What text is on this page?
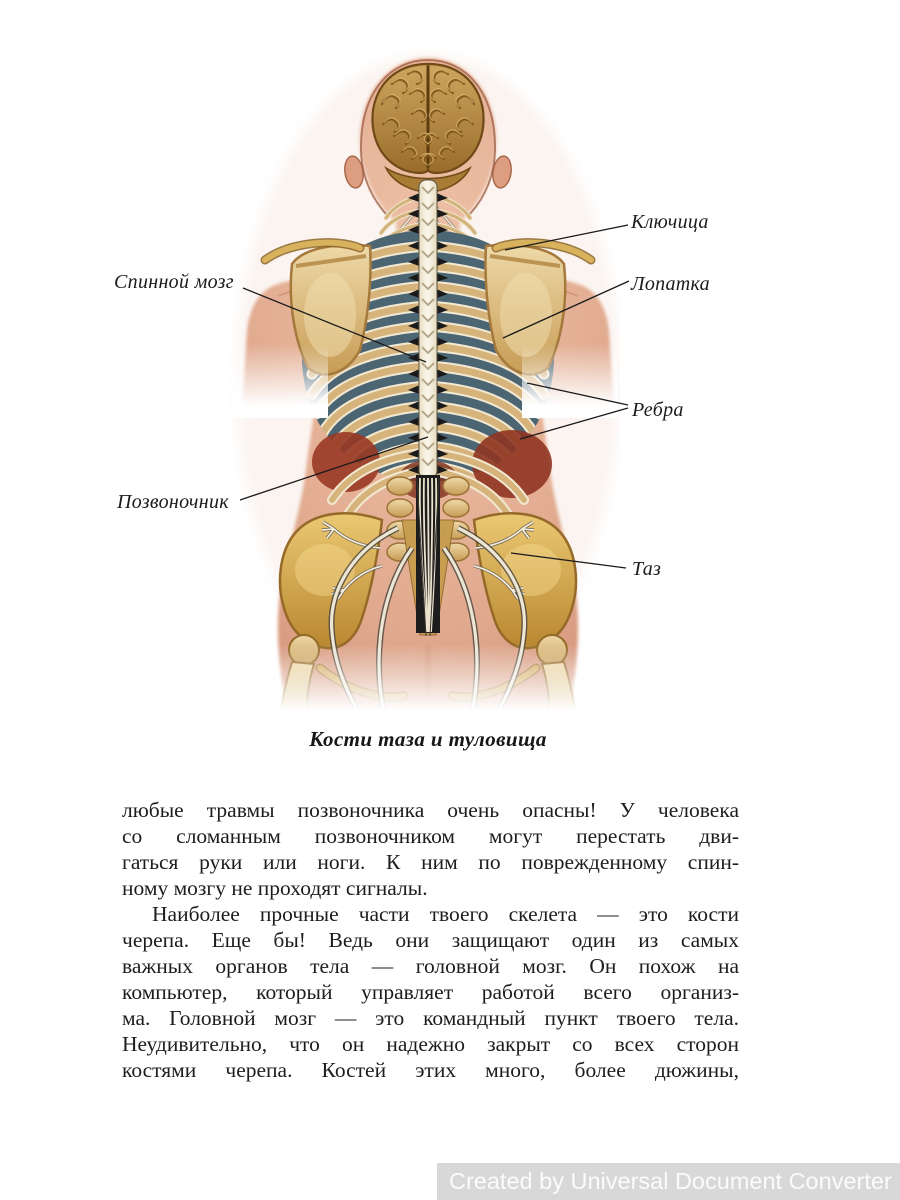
Спинной мозг
Позвоночник
Ключица
Лопатка
Ребра
Таз
Кости таза и туловища
любые травмы позвоночника очень опасны! У человека
со сломанным позвоночником могут перестать дви-
гаться руки или ноги. К ним по поврежденному спин-
ному мозгу не проходят сигналы.
Наиболее прочные части твоего скелета — это кости
черепа. Еще бы! Ведь они защищают один из самых
важных органов тела — головной мозг. Он похож на
компьютер, который управляет работой всего организ-
ма. Головной мозг — это командный пункт твоего тела.
Неудивительно, что он надежно закрыт со всех сторон
костями черепа. Костей этих много, более дюжины,
Created by Universal Document Converter
